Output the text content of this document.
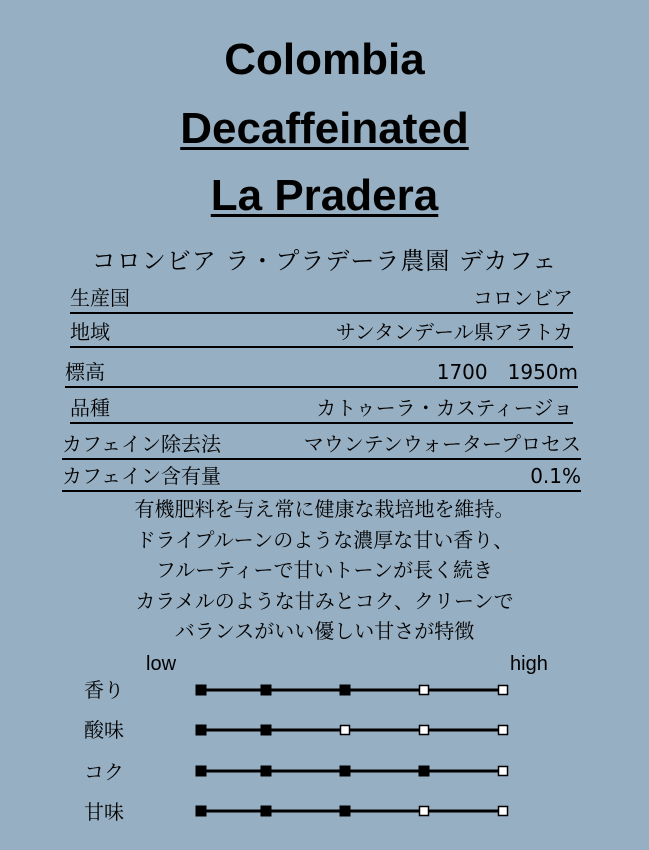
Colombia
Decaffeinated
La Pradera
コロンビア ラ・プラデーラ農園 デカフェ
生産国	コロンビア
地域	サンタンデール県アラトカ
標高	1700　1950m
品種	カトゥーラ・カスティージョ
カフェイン除去法	マウンテンウォータープロセス
カフェイン含有量	0.1%
有機肥料を与え常に健康な栽培地を維持。
ドライプルーンのような濃厚な甘い香り、
フルーティーで甘いトーンが長く続き
カラメルのような甘みとコク、クリーンで
バランスがいい優しい甘さが特徴
low	high
香り
酸味
コク
甘味
